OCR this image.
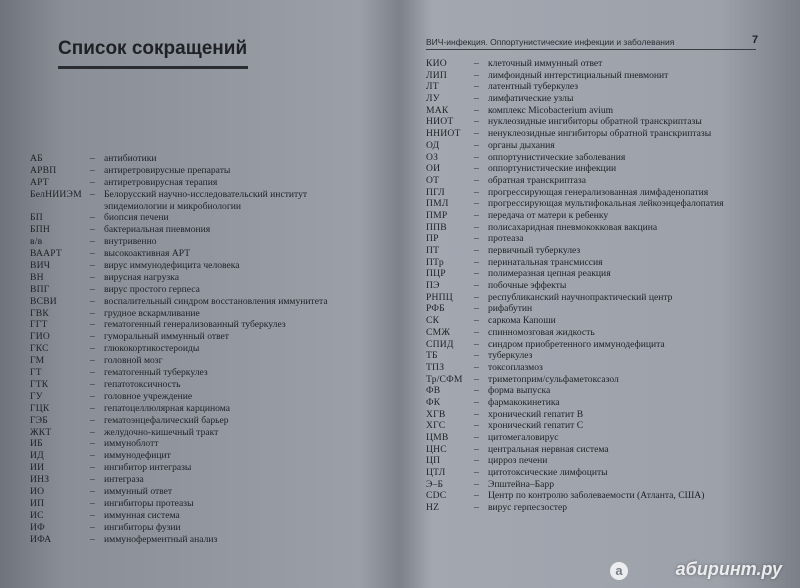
Список сокращений
АБ	– антибиотики
АРВП	– антиретровирусные препараты
АРТ	– антиретровирусная терапия
БелНИИЭМ – Белорусский научно-исследовательский институт эпидемиологии и микробиологии
БП	– биопсия печени
БПН	– бактериальная пневмония
в/в	– внутривенно
ВААРТ	– высокоактивная АРТ
ВИЧ	– вирус иммунодефицита человека
ВН	– вирусная нагрузка
ВПГ	– вирус простого герпеса
ВСВИ	– воспалительный синдром восстановления иммунитета
ГВК	– грудное вскармливание
ГГТ	– гематогенный генерализованный туберкулез
ГИО	– гуморальный иммунный ответ
ГКС	– глюкокортикостероиды
ГМ	– головной мозг
ГТ	– гематогенный туберкулез
ГТК	– гепатотоксичность
ГУ	– головное учреждение
ГЦК	– гепатоцеллюлярная карцинома
ГЭБ	– гематоэнцефалический барьер
ЖКТ	– желудочно-кишечный тракт
ИБ	– иммуноблотт
ИД	– иммунодефицит
ИИ	– ингибитор интегразы
ИНЗ	– интеграза
ИО	– иммунный ответ
ИП	– ингибиторы протеазы
ИС	– иммунная система
ИФ	– ингибиторы фузии
ИФА	– иммуноферментный анализ
ВИЧ-инфекция. Оппортунистические инфекции и заболевания	7
КИО	– клеточный иммунный ответ
ЛИП	– лимфоидный интерстициальный пневмонит
ЛТ	– латентный туберкулез
ЛУ	– лимфатические узлы
МАК	– комплекс Micobacterium avium
НИОТ – нуклеозидные ингибиторы обратной транскриптазы
ННИОТ – ненуклеозидные ингибиторы обратной транскриптазы
ОД	– органы дыхания
ОЗ	– оппортунистические заболевания
ОИ	– оппортунистические инфекции
ОТ	– обратная транскриптаза
ПГЛ	– прогрессирующая генерализованная лимфаденопатия
ПМЛ	– прогрессирующая мультифокальная лейкоэнцефалопатия
ПМР	– передача от матери к ребенку
ППВ	– полисахаридная пневмококковая вакцина
ПР	– протеаза
ПТ	– первичный туберкулез
ПТр	– перинатальная трансмиссия
ПЦР	– полимеразная цепная реакция
ПЭ	– побочные эффекты
РНПЦ – республиканский научнопрактический центр
РФБ	– рифабутин
СК	– саркома Капоши
СМЖ – спинномозговая жидкость
СПИД – синдром приобретенного иммунодефицита
ТБ	– туберкулез
ТПЗ	– токсоплазмоз
Тр/СФМ – триметоприм/сульфаметоксазол
ФВ	– форма выпуска
ФК	– фармакокинетика
ХГВ	– хронический гепатит В
ХГС	– хронический гепатит С
ЦМВ	– цитомегаловирус
ЦНС	– центральная нервная система
ЦП	– цирроз печени
ЦТЛ	– цитотоксические лимфоциты
Э–Б	– Эпштейна–Барр
CDC	– Центр по контролю заболеваемости (Атланта, США)
HZ	– вирус герпесзостер
a	абиринт.ру
